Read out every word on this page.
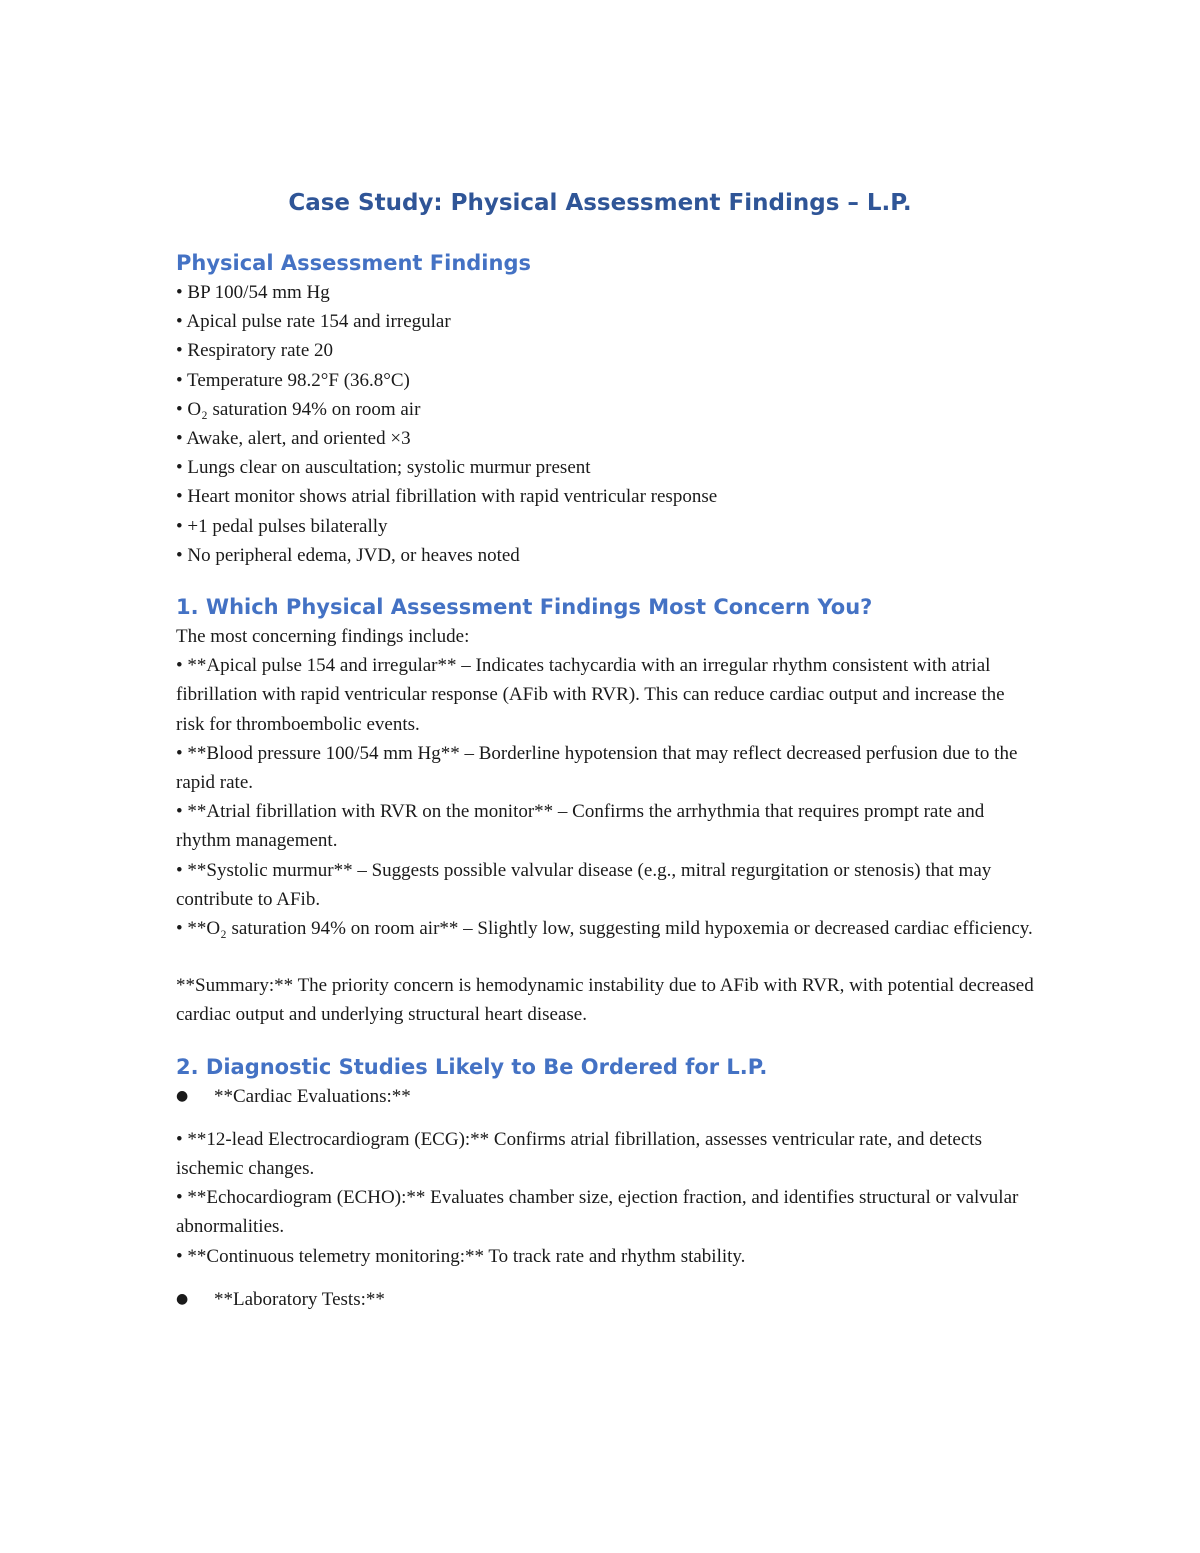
Case Study: Physical Assessment Findings – L.P.
Physical Assessment Findings

• BP 100/54 mm Hg

• Apical pulse rate 154 and irregular

• Respiratory rate 20

• Temperature 98.2°F (36.8°C)

• O₂ saturation 94% on room air

• Awake, alert, and oriented ×3

• Lungs clear on auscultation; systolic murmur present

• Heart monitor shows atrial fibrillation with rapid ventricular response

• +1 pedal pulses bilaterally

• No peripheral edema, JVD, or heaves noted

1. Which Physical Assessment Findings Most Concern You?

The most concerning findings include:

• **Apical pulse 154 and irregular** – Indicates tachycardia with an irregular rhythm consistent with atrial fibrillation with rapid ventricular response (AFib with RVR). This can reduce cardiac output and increase the risk for thromboembolic events.

• **Blood pressure 100/54 mm Hg** – Borderline hypotension that may reflect decreased perfusion due to the rapid rate.

• **Atrial fibrillation with RVR on the monitor** – Confirms the arrhythmia that requires prompt rate and rhythm management.

• **Systolic murmur** – Suggests possible valvular disease (e.g., mitral regurgitation or stenosis) that may contribute to AFib.

• **O₂ saturation 94% on room air** – Slightly low, suggesting mild hypoxemia or decreased cardiac efficiency.

**Summary:** The priority concern is hemodynamic instability due to AFib with RVR, with potential decreased cardiac output and underlying structural heart disease.

2. Diagnostic Studies Likely to Be Ordered for L.P.
●	**Cardiac Evaluations:**

• **12-lead Electrocardiogram (ECG):** Confirms atrial fibrillation, assesses ventricular rate, and detects ischemic changes.

• **Echocardiogram (ECHO):** Evaluates chamber size, ejection fraction, and identifies structural or valvular abnormalities.

• **Continuous telemetry monitoring:** To track rate and rhythm stability.

●	**Laboratory Tests:**
